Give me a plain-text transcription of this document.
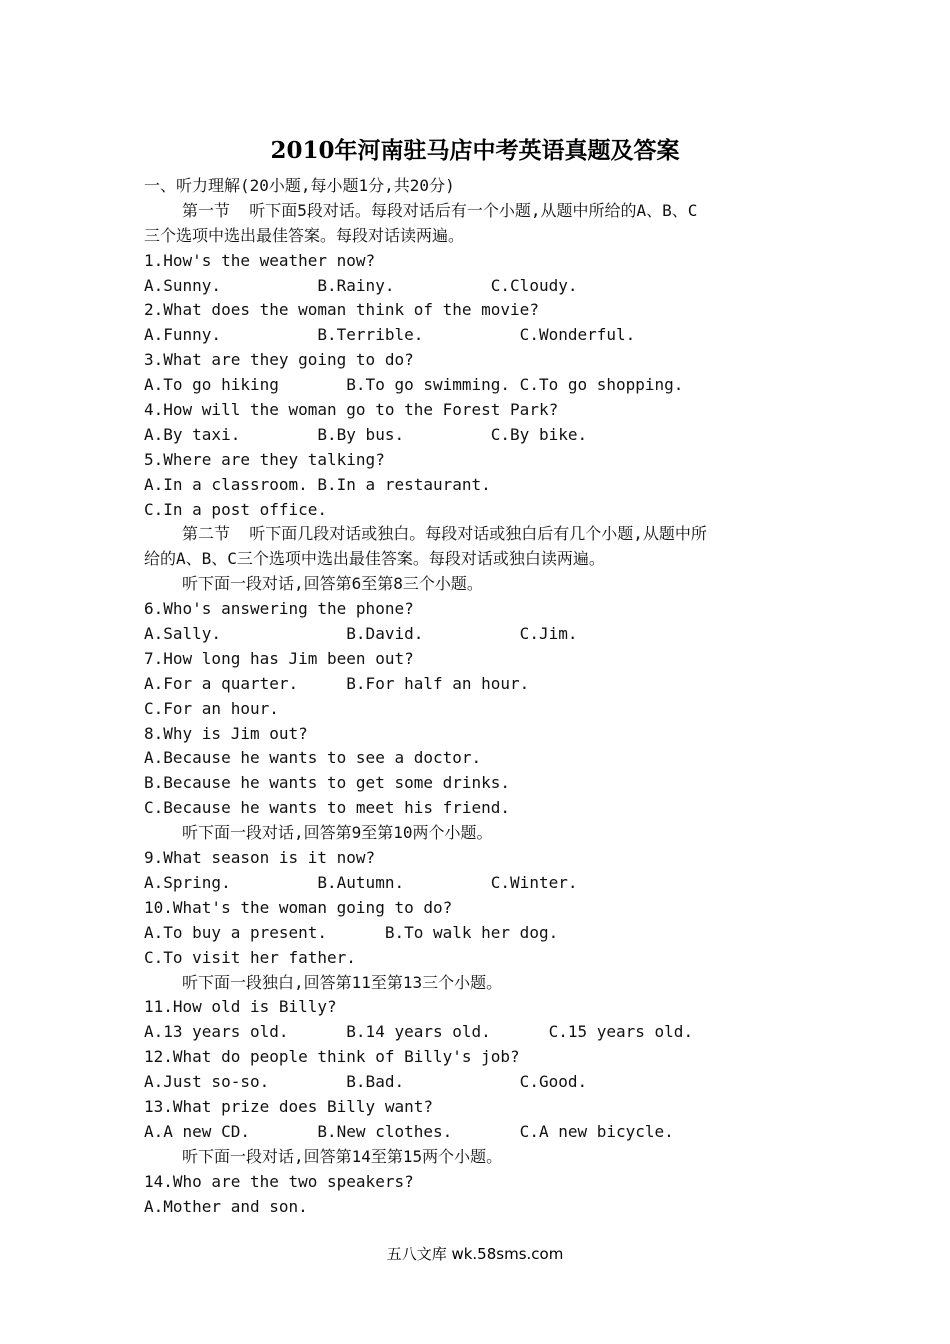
2010年河南驻马店中考英语真题及答案
一、听力理解(20小题,每小题1分,共20分)
第一节  听下面5段对话。每段对话后有一个小题,从题中所给的A、B、C
三个选项中选出最佳答案。每段对话读两遍。
1.How's the weather now?
A.Sunny.          B.Rainy.          C.Cloudy.
2.What does the woman think of the movie?
A.Funny.          B.Terrible.          C.Wonderful.
3.What are they going to do?
A.To go hiking       B.To go swimming. C.To go shopping.
4.How will the woman go to the Forest Park?
A.By taxi.        B.By bus.         C.By bike.
5.Where are they talking?
A.In a classroom. B.In a restaurant.
C.In a post office.
第二节  听下面几段对话或独白。每段对话或独白后有几个小题,从题中所
给的A、B、C三个选项中选出最佳答案。每段对话或独白读两遍。
听下面一段对话,回答第6至第8三个小题。
6.Who's answering the phone?
A.Sally.             B.David.          C.Jim.
7.How long has Jim been out?
A.For a quarter.     B.For half an hour.
C.For an hour.
8.Why is Jim out?
A.Because he wants to see a doctor.
B.Because he wants to get some drinks.
C.Because he wants to meet his friend.
听下面一段对话,回答第9至第10两个小题。
9.What season is it now?
A.Spring.         B.Autumn.         C.Winter.
10.What's the woman going to do?
A.To buy a present.      B.To walk her dog.
C.To visit her father.
听下面一段独白,回答第11至第13三个小题。
11.How old is Billy?
A.13 years old.      B.14 years old.      C.15 years old.
12.What do people think of Billy's job?
A.Just so-so.        B.Bad.            C.Good.
13.What prize does Billy want?
A.A new CD.       B.New clothes.       C.A new bicycle.
听下面一段对话,回答第14至第15两个小题。
14.Who are the two speakers?
A.Mother and son.
五八文库 wk.58sms.com
